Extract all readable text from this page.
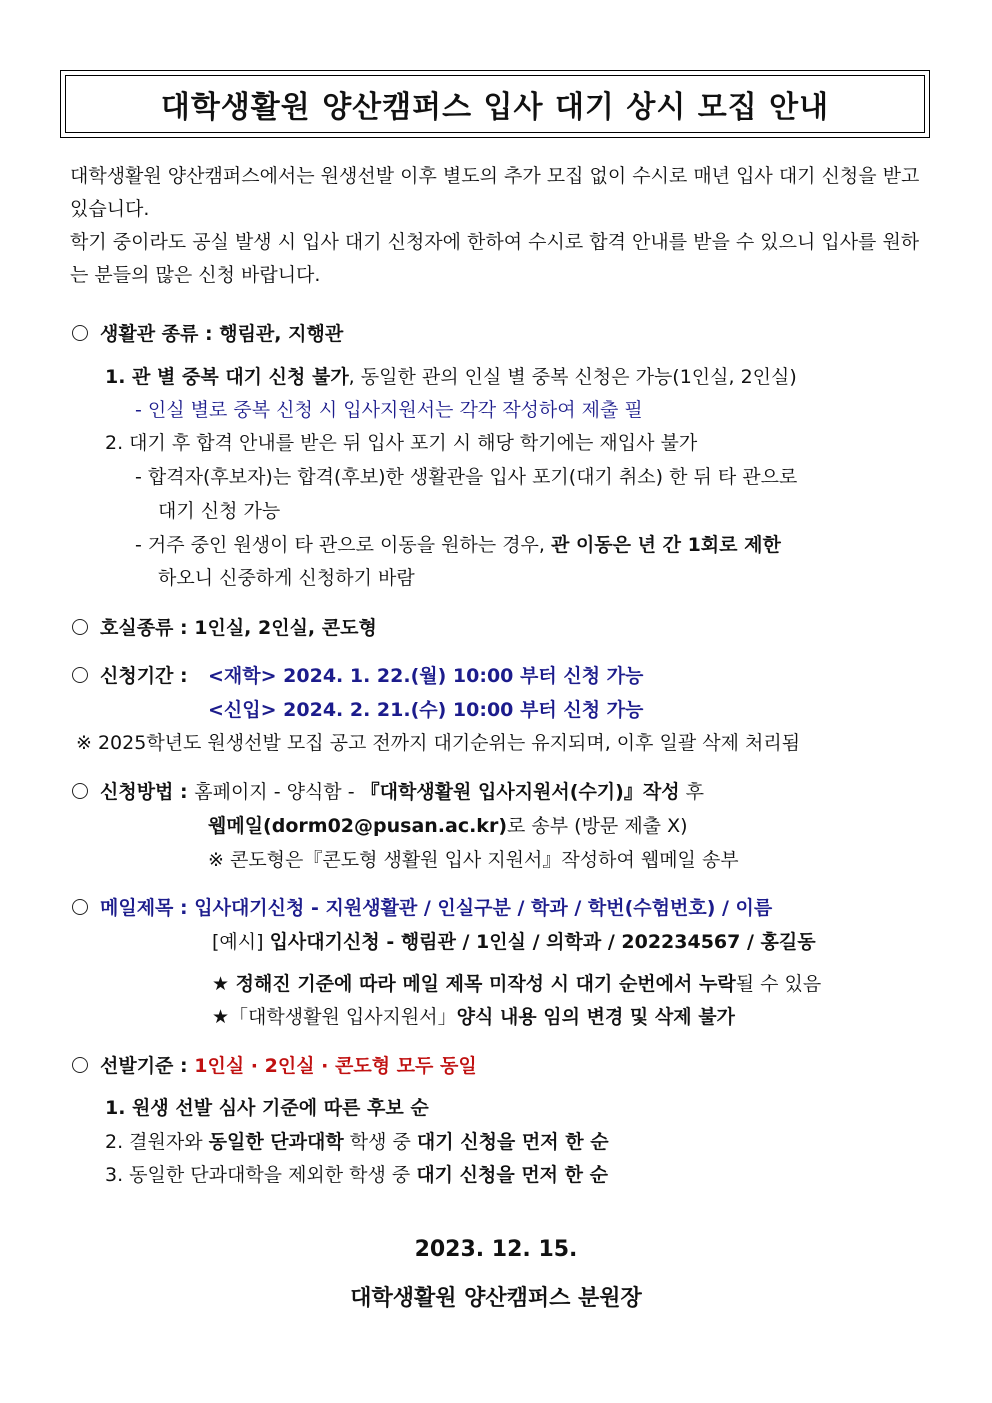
대학생활원 양산캠퍼스 입사 대기 상시 모집 안내

대학생활원 양산캠퍼스에서는 원생선발 이후 별도의 추가 모집 없이 수시로 매년 입사 대기 신청을 받고 있습니다.

학기 중이라도 공실 발생 시 입사 대기 신청자에 한하여 수시로 합격 안내를 받을 수 있으니 입사를 원하는 분들의 많은 신청 바랍니다.

생활관 종류 : 행림관, 지행관
1. 관 별 중복 대기 신청 불가, 동일한 관의 인실 별 중복 신청은 가능(1인실, 2인실)
- 인실 별로 중복 신청 시 입사지원서는 각각 작성하여 제출 필
2. 대기 후 합격 안내를 받은 뒤 입사 포기 시 해당 학기에는 재입사 불가
- 합격자(후보자)는 합격(후보)한 생활관을 입사 포기(대기 취소) 한 뒤 타 관으로
대기 신청 가능
- 거주 중인 원생이 타 관으로 이동을 원하는 경우, 관 이동은 년 간 1회로 제한
하오니 신중하게 신청하기 바람
호실종류 : 1인실, 2인실, 콘도형
신청기간 : <재학> 2024. 1. 22.(월) 10:00 부터 신청 가능
<신입> 2024. 2. 21.(수) 10:00 부터 신청 가능
※ 2025학년도 원생선발 모집 공고 전까지 대기순위는 유지되며, 이후 일괄 삭제 처리됨
신청방법 : 홈페이지 - 양식함 - 『대학생활원 입사지원서(수기)』작성 후
웹메일(dorm02@pusan.ac.kr)로 송부 (방문 제출 X)
※ 콘도형은『콘도형 생활원 입사 지원서』작성하여 웹메일 송부
메일제목 : 입사대기신청 - 지원생활관 / 인실구분 / 학과 / 학번(수험번호) / 이름
[예시] 입사대기신청 - 행림관 / 1인실 / 의학과 / 202234567 / 홍길동
★ 정해진 기준에 따라 메일 제목 미작성 시 대기 순번에서 누락될 수 있음
★「대학생활원 입사지원서」양식 내용 임의 변경 및 삭제 불가
선발기준 : 1인실 · 2인실 · 콘도형 모두 동일
1. 원생 선발 심사 기준에 따른 후보 순
2. 결원자와 동일한 단과대학 학생 중 대기 신청을 먼저 한 순
3. 동일한 단과대학을 제외한 학생 중 대기 신청을 먼저 한 순
2023. 12. 15.
대학생활원 양산캠퍼스 분원장
